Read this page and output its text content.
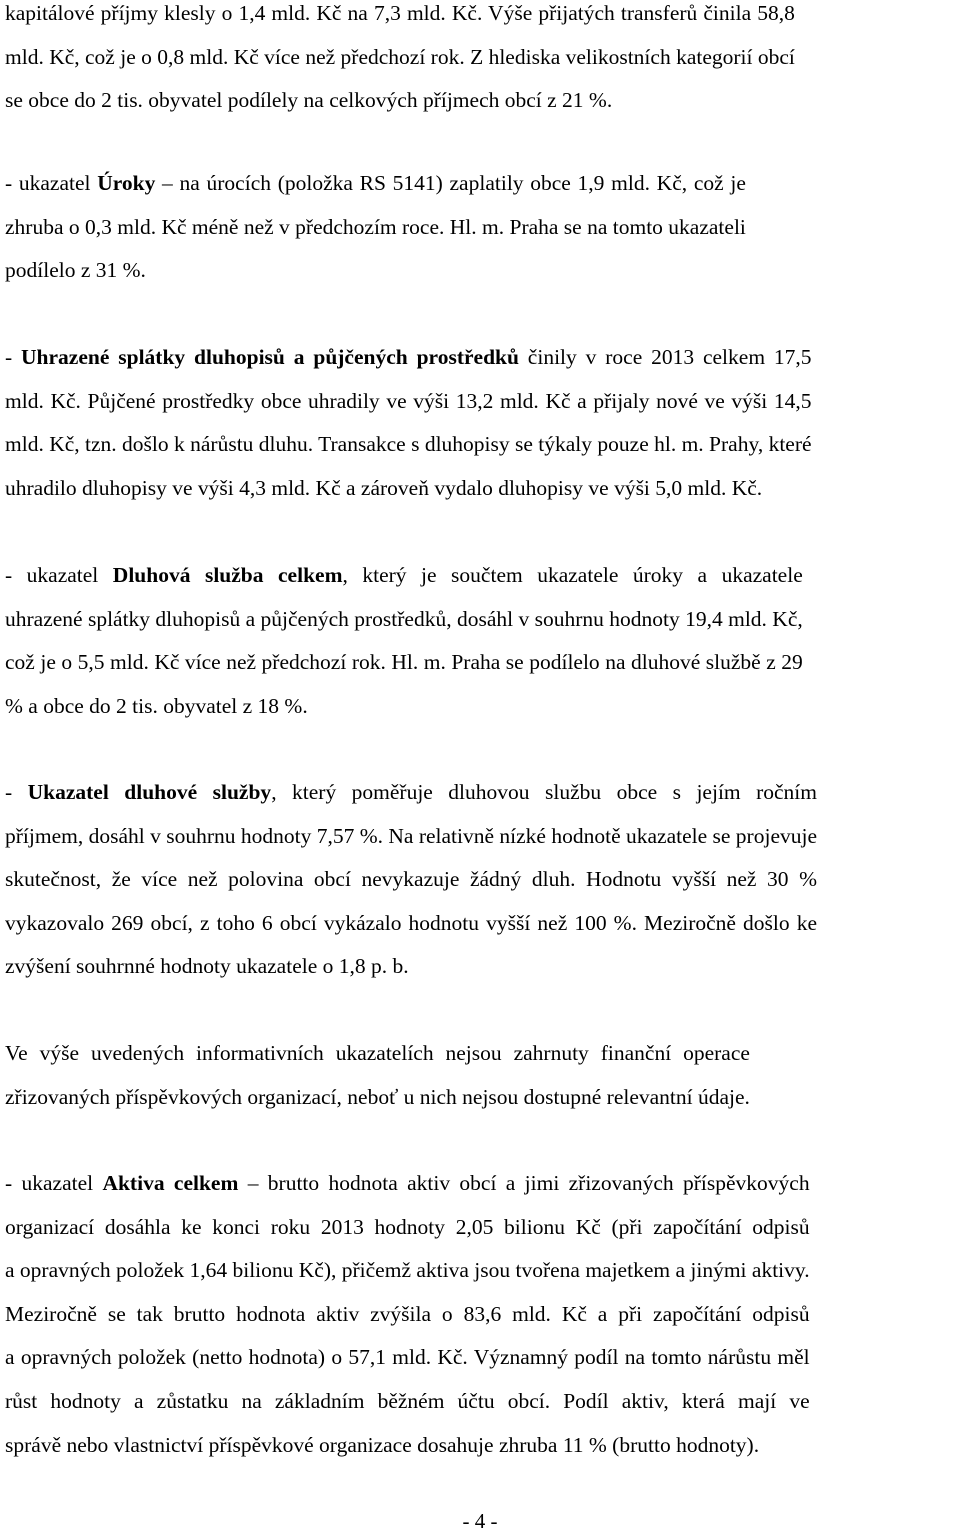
kapitálové příjmy klesly o 1,4 mld. Kč na 7,3 mld. Kč. Výše přijatých transferů činila 58,8
mld. Kč, což je o 0,8 mld. Kč více než předchozí rok. Z hlediska velikostních kategorií obcí
se obce do 2 tis. obyvatel podílely na celkových příjmech obcí z 21 %.

- ukazatel Úroky – na úrocích (položka RS 5141) zaplatily obce 1,9 mld. Kč, což je
zhruba o 0,3 mld. Kč méně než v předchozím roce. Hl. m. Praha se na tomto ukazateli
podílelo z 31 %.

- Uhrazené splátky dluhopisů a půjčených prostředků činily v roce 2013 celkem 17,5
mld. Kč. Půjčené prostředky obce uhradily ve výši 13,2 mld. Kč a přijaly nové ve výši 14,5
mld. Kč, tzn. došlo k nárůstu dluhu. Transakce s dluhopisy se týkaly pouze hl. m. Prahy, které
uhradilo dluhopisy ve výši 4,3 mld. Kč a zároveň vydalo dluhopisy ve výši 5,0 mld. Kč.

- ukazatel Dluhová služba celkem, který je součtem ukazatele úroky a ukazatele
uhrazené splátky dluhopisů a půjčených prostředků, dosáhl v souhrnu hodnoty 19,4 mld. Kč,
což je o 5,5 mld. Kč více než předchozí rok. Hl. m. Praha se podílelo na dluhové službě z 29
% a obce do 2 tis. obyvatel z 18 %.

- Ukazatel dluhové služby, který poměřuje dluhovou službu obce s jejím ročním
příjmem, dosáhl v souhrnu hodnoty 7,57 %. Na relativně nízké hodnotě ukazatele se projevuje
skutečnost, že více než polovina obcí nevykazuje žádný dluh. Hodnotu vyšší než 30 %
vykazovalo 269 obcí, z toho 6 obcí vykázalo hodnotu vyšší než 100 %. Meziročně došlo ke
zvýšení souhrnné hodnoty ukazatele o 1,8 p. b.

Ve výše uvedených informativních ukazatelích nejsou zahrnuty finanční operace
zřizovaných příspěvkových organizací, neboť u nich nejsou dostupné relevantní údaje.

- ukazatel Aktiva celkem – brutto hodnota aktiv obcí a jimi zřizovaných příspěvkových
organizací dosáhla ke konci roku 2013 hodnoty 2,05 bilionu Kč (při započítání odpisů
a opravných položek 1,64 bilionu Kč), přičemž aktiva jsou tvořena majetkem a jinými aktivy.
Meziročně se tak brutto hodnota aktiv zvýšila o 83,6 mld. Kč a při započítání odpisů
a opravných položek (netto hodnota) o 57,1 mld. Kč. Významný podíl na tomto nárůstu měl
růst hodnoty a zůstatku na základním běžném účtu obcí. Podíl aktiv, která mají ve
správě nebo vlastnictví příspěvkové organizace dosahuje zhruba 11 % (brutto hodnoty).

- 4 -
